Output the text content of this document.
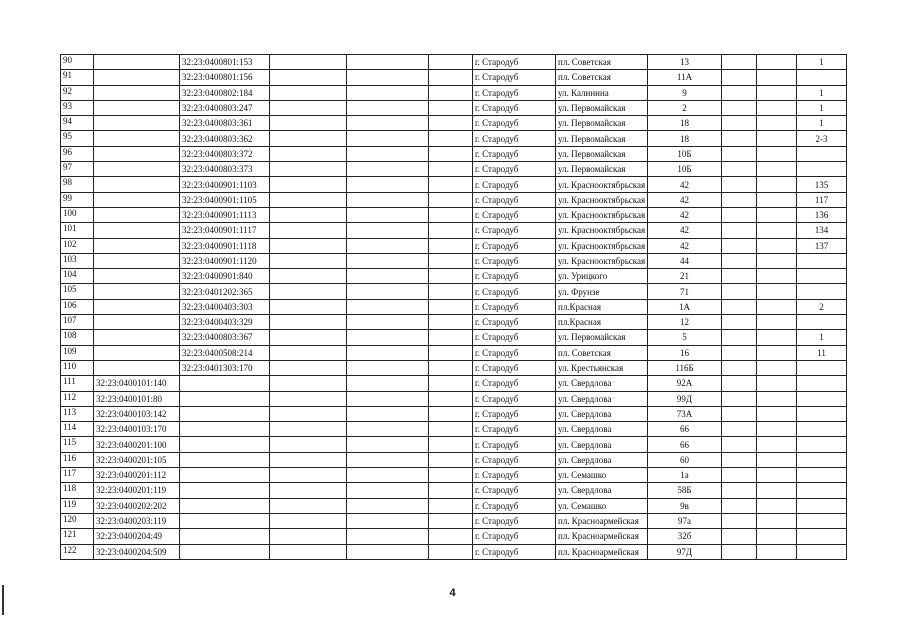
90		32:23:0400801:153				г. Стародуб	пл. Советская	13			1
91		32:23:0400801:156				г. Стародуб	пл. Советская	11А			
92		32:23:0400802:184				г. Стародуб	ул. Калинина	9			1
93		32:23:0400803:247				г. Стародуб	ул. Первомайская	2			1
94		32:23:0400803:361				г. Стародуб	ул. Первомайская	18			1
95		32:23:0400803:362				г. Стародуб	ул. Первомайская	18			2-3
96		32:23:0400803:372				г. Стародуб	ул. Первомайская	10Б			
97		32:23:0400803:373				г. Стародуб	ул. Первомайская	10Б			
98		32:23:0400901:1103				г. Стародуб	ул. Краснооктябрьская	42			135
99		32:23:0400901:1105				г. Стародуб	ул. Краснооктябрьская	42			117
100		32:23:0400901:1113				г. Стародуб	ул. Краснооктябрьская	42			136
101		32:23:0400901:1117				г. Стародуб	ул. Краснооктябрьская	42			134
102		32:23:0400901:1118				г. Стародуб	ул. Краснооктябрьская	42			137
103		32:23:0400901:1120				г. Стародуб	ул. Краснооктябрьская	44			
104		32:23:0400901:840				г. Стародуб	ул. Урицкого	21			
105		32:23:0401202:365				г. Стародуб	ул. Фрунзе	71			
106		32:23:0400403:303				г. Стародуб	пл.Красная	1А			2
107		32:23:0400403:329				г. Стародуб	пл.Красная	12			
108		32:23:0400803:367				г. Стародуб	ул. Первомайская	5			1
109		32:23:0400508:214				г. Стародуб	пл. Советская	16			11
110		32:23:0401303:170				г. Стародуб	ул. Крестьянская	116Б			
111	32:23:0400101:140					г. Стародуб	ул. Свердлова	92А			
112	32:23:0400101:80					г. Стародуб	ул. Свердлова	99Д			
113	32:23:0400103:142					г. Стародуб	ул. Свердлова	73А			
114	32:23:0400103:170					г. Стародуб	ул. Свердлова	66			
115	32:23:0400201:100					г. Стародуб	ул. Свердлова	66			
116	32:23:0400201:105					г. Стародуб	ул. Свердлова	60			
117	32:23:0400201:112					г. Стародуб	ул. Семашко	1а			
118	32:23:0400201:119					г. Стародуб	ул. Свердлова	58Б			
119	32:23:0400202:202					г. Стародуб	ул. Семашко	9в			
120	32:23:0400203:119					г. Стародуб	пл. Красноармейская	97а			
121	32:23:0400204:49					г. Стародуб	пл. Красноармейская	32б			
122	32:23:0400204:509					г. Стародуб	пл. Красноармейская	97Д			
4
